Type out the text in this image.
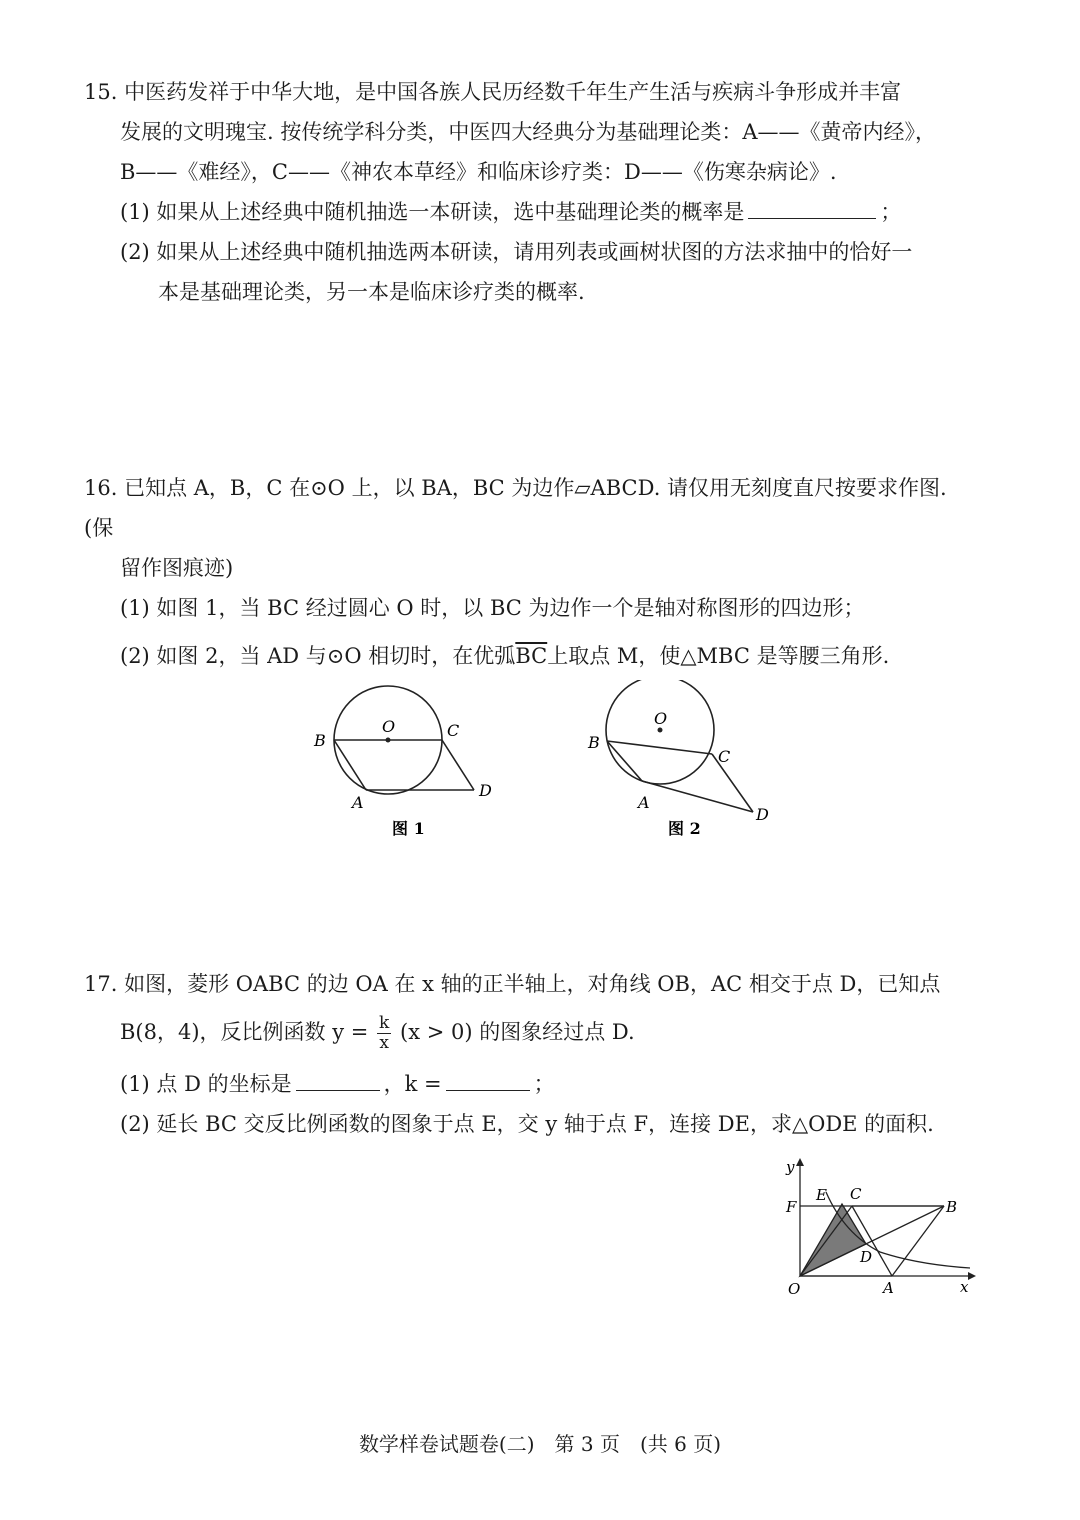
15. 中医药发祥于中华大地，是中国各族人民历经数千年生产生活与疾病斗争形成并丰富

发展的文明瑰宝. 按传统学科分类，中医四大经典分为基础理论类：A——《黄帝内经》，

B——《难经》，C——《神农本草经》和临床诊疗类：D——《伤寒杂病论》.

(1) 如果从上述经典中随机抽选一本研读，选中基础理论类的概率是	；

(2) 如果从上述经典中随机抽选两本研读，请用列表或画树状图的方法求抽中的恰好一

本是基础理论类，另一本是临床诊疗类的概率.

16. 已知点 A，B，C 在⊙O 上，以 BA，BC 为边作▱ABCD. 请仅用无刻度直尺按要求作图. (保

留作图痕迹)

(1) 如图 1，当 BC 经过圆心 O 时，以 BC 为边作一个是轴对称图形的四边形；

(2) 如图 2，当 AD 与⊙O 相切时，在优弧$\overline{BC}$上取点 M，使△MBC 是等腰三角形.

O
B
C
A
D
图 1
O
B
C
A
D
图 2

17. 如图，菱形 OABC 的边 OA 在 x 轴的正半轴上，对角线 OB，AC 相交于点 D，已知点

B(8，4)，反比例函数 $y = \frac{k}{x} (x > 0)$ 的图象经过点 D.

(1) 点 D 的坐标是	，k =	；

(2) 延长 BC 交反比例函数的图象于点 E，交 y 轴于点 F，连接 DE，求△ODE 的面积.

y
x
O
F
E C
B
D
A
数学样卷试题卷(二) 第 3 页 (共 6 页)
